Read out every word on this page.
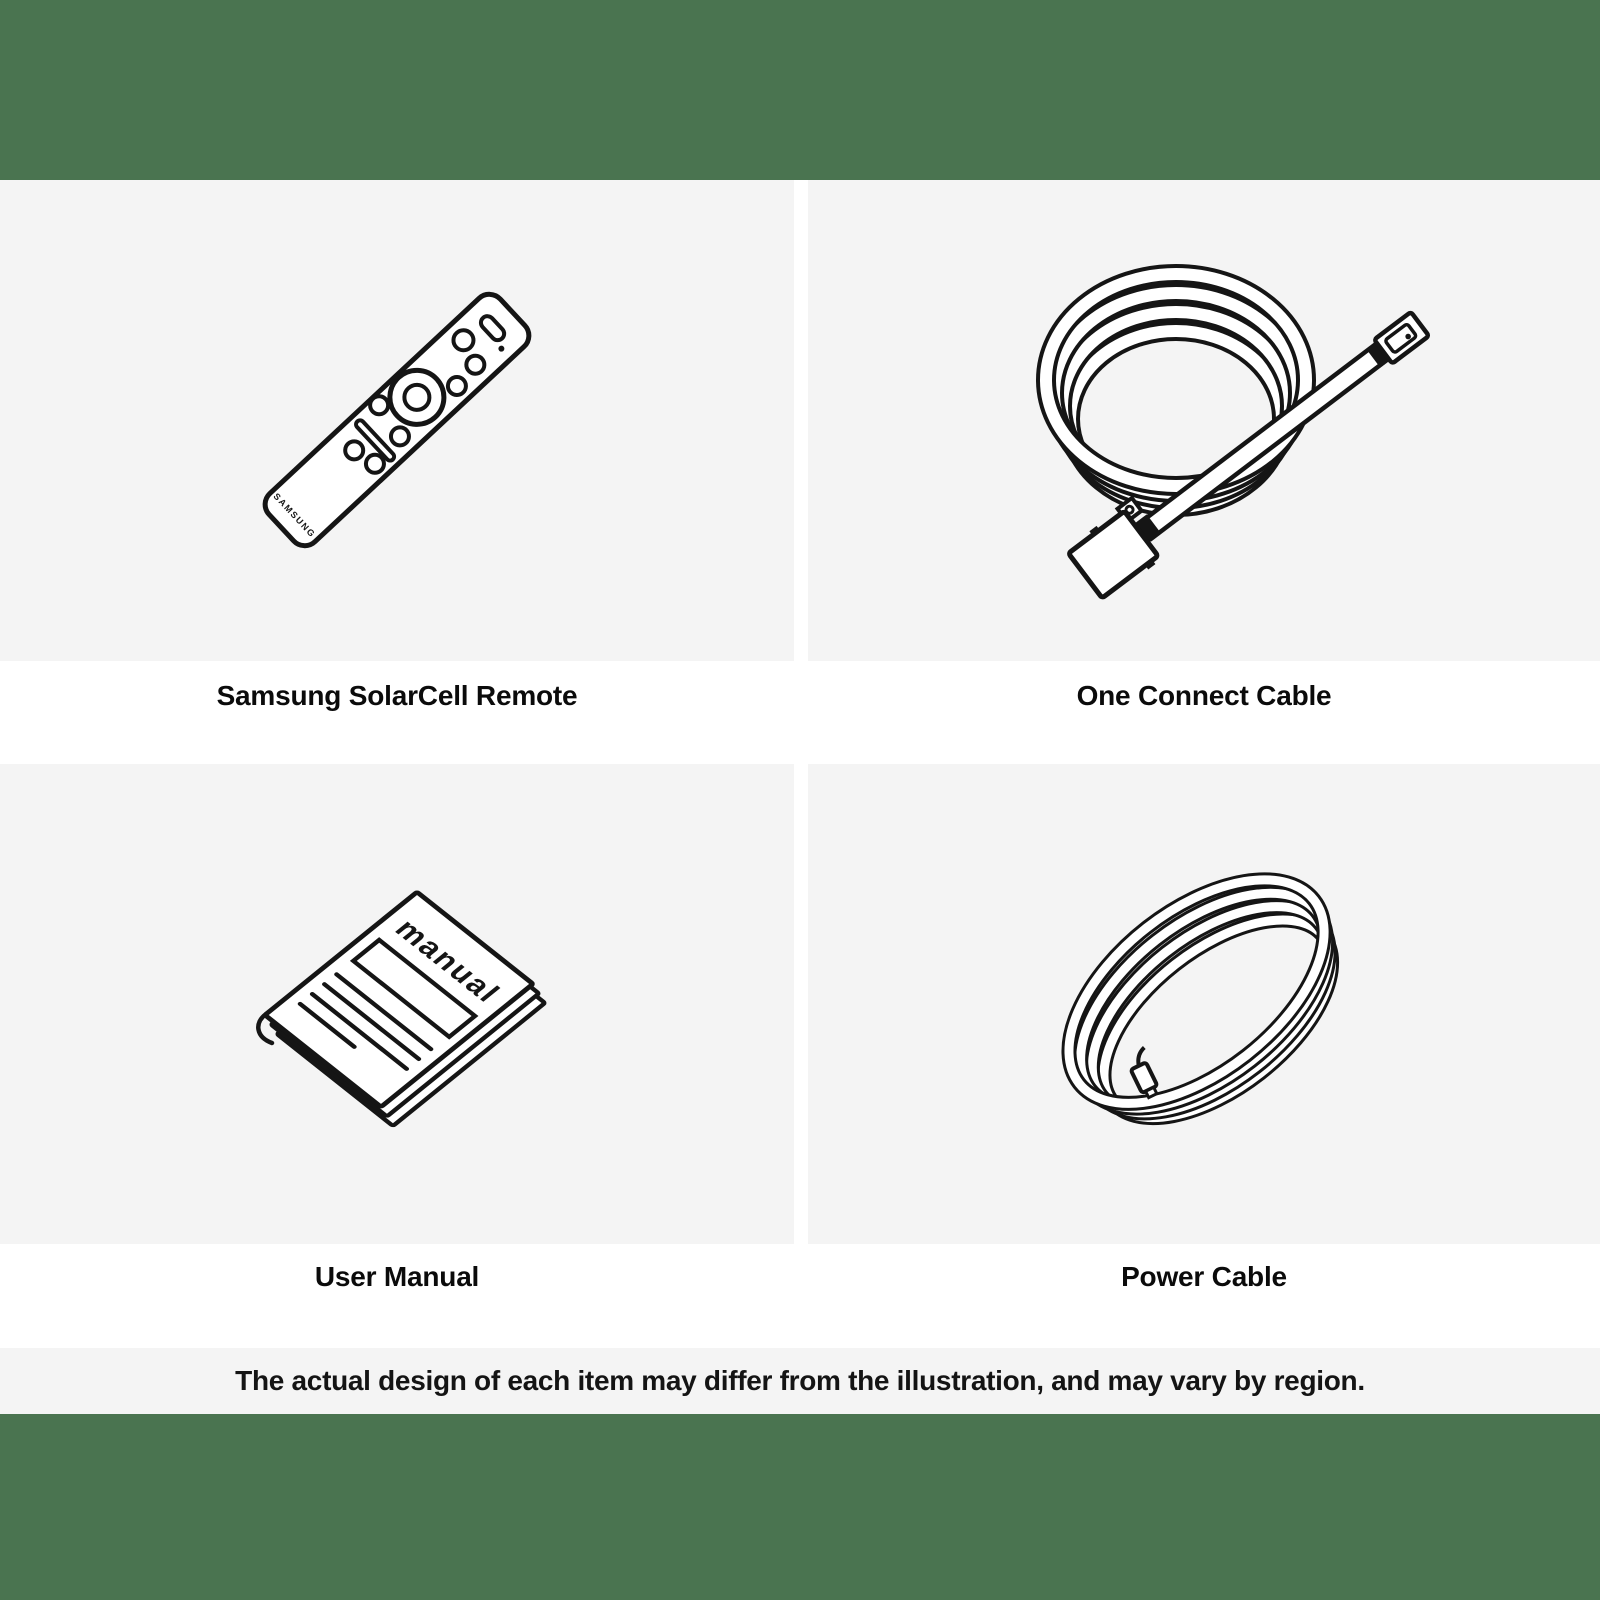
SAMSUNG
manual
Samsung SolarCell Remote	One Connect Cable
User Manual	Power Cable
The actual design of each item may differ from the illustration, and may vary by region.
